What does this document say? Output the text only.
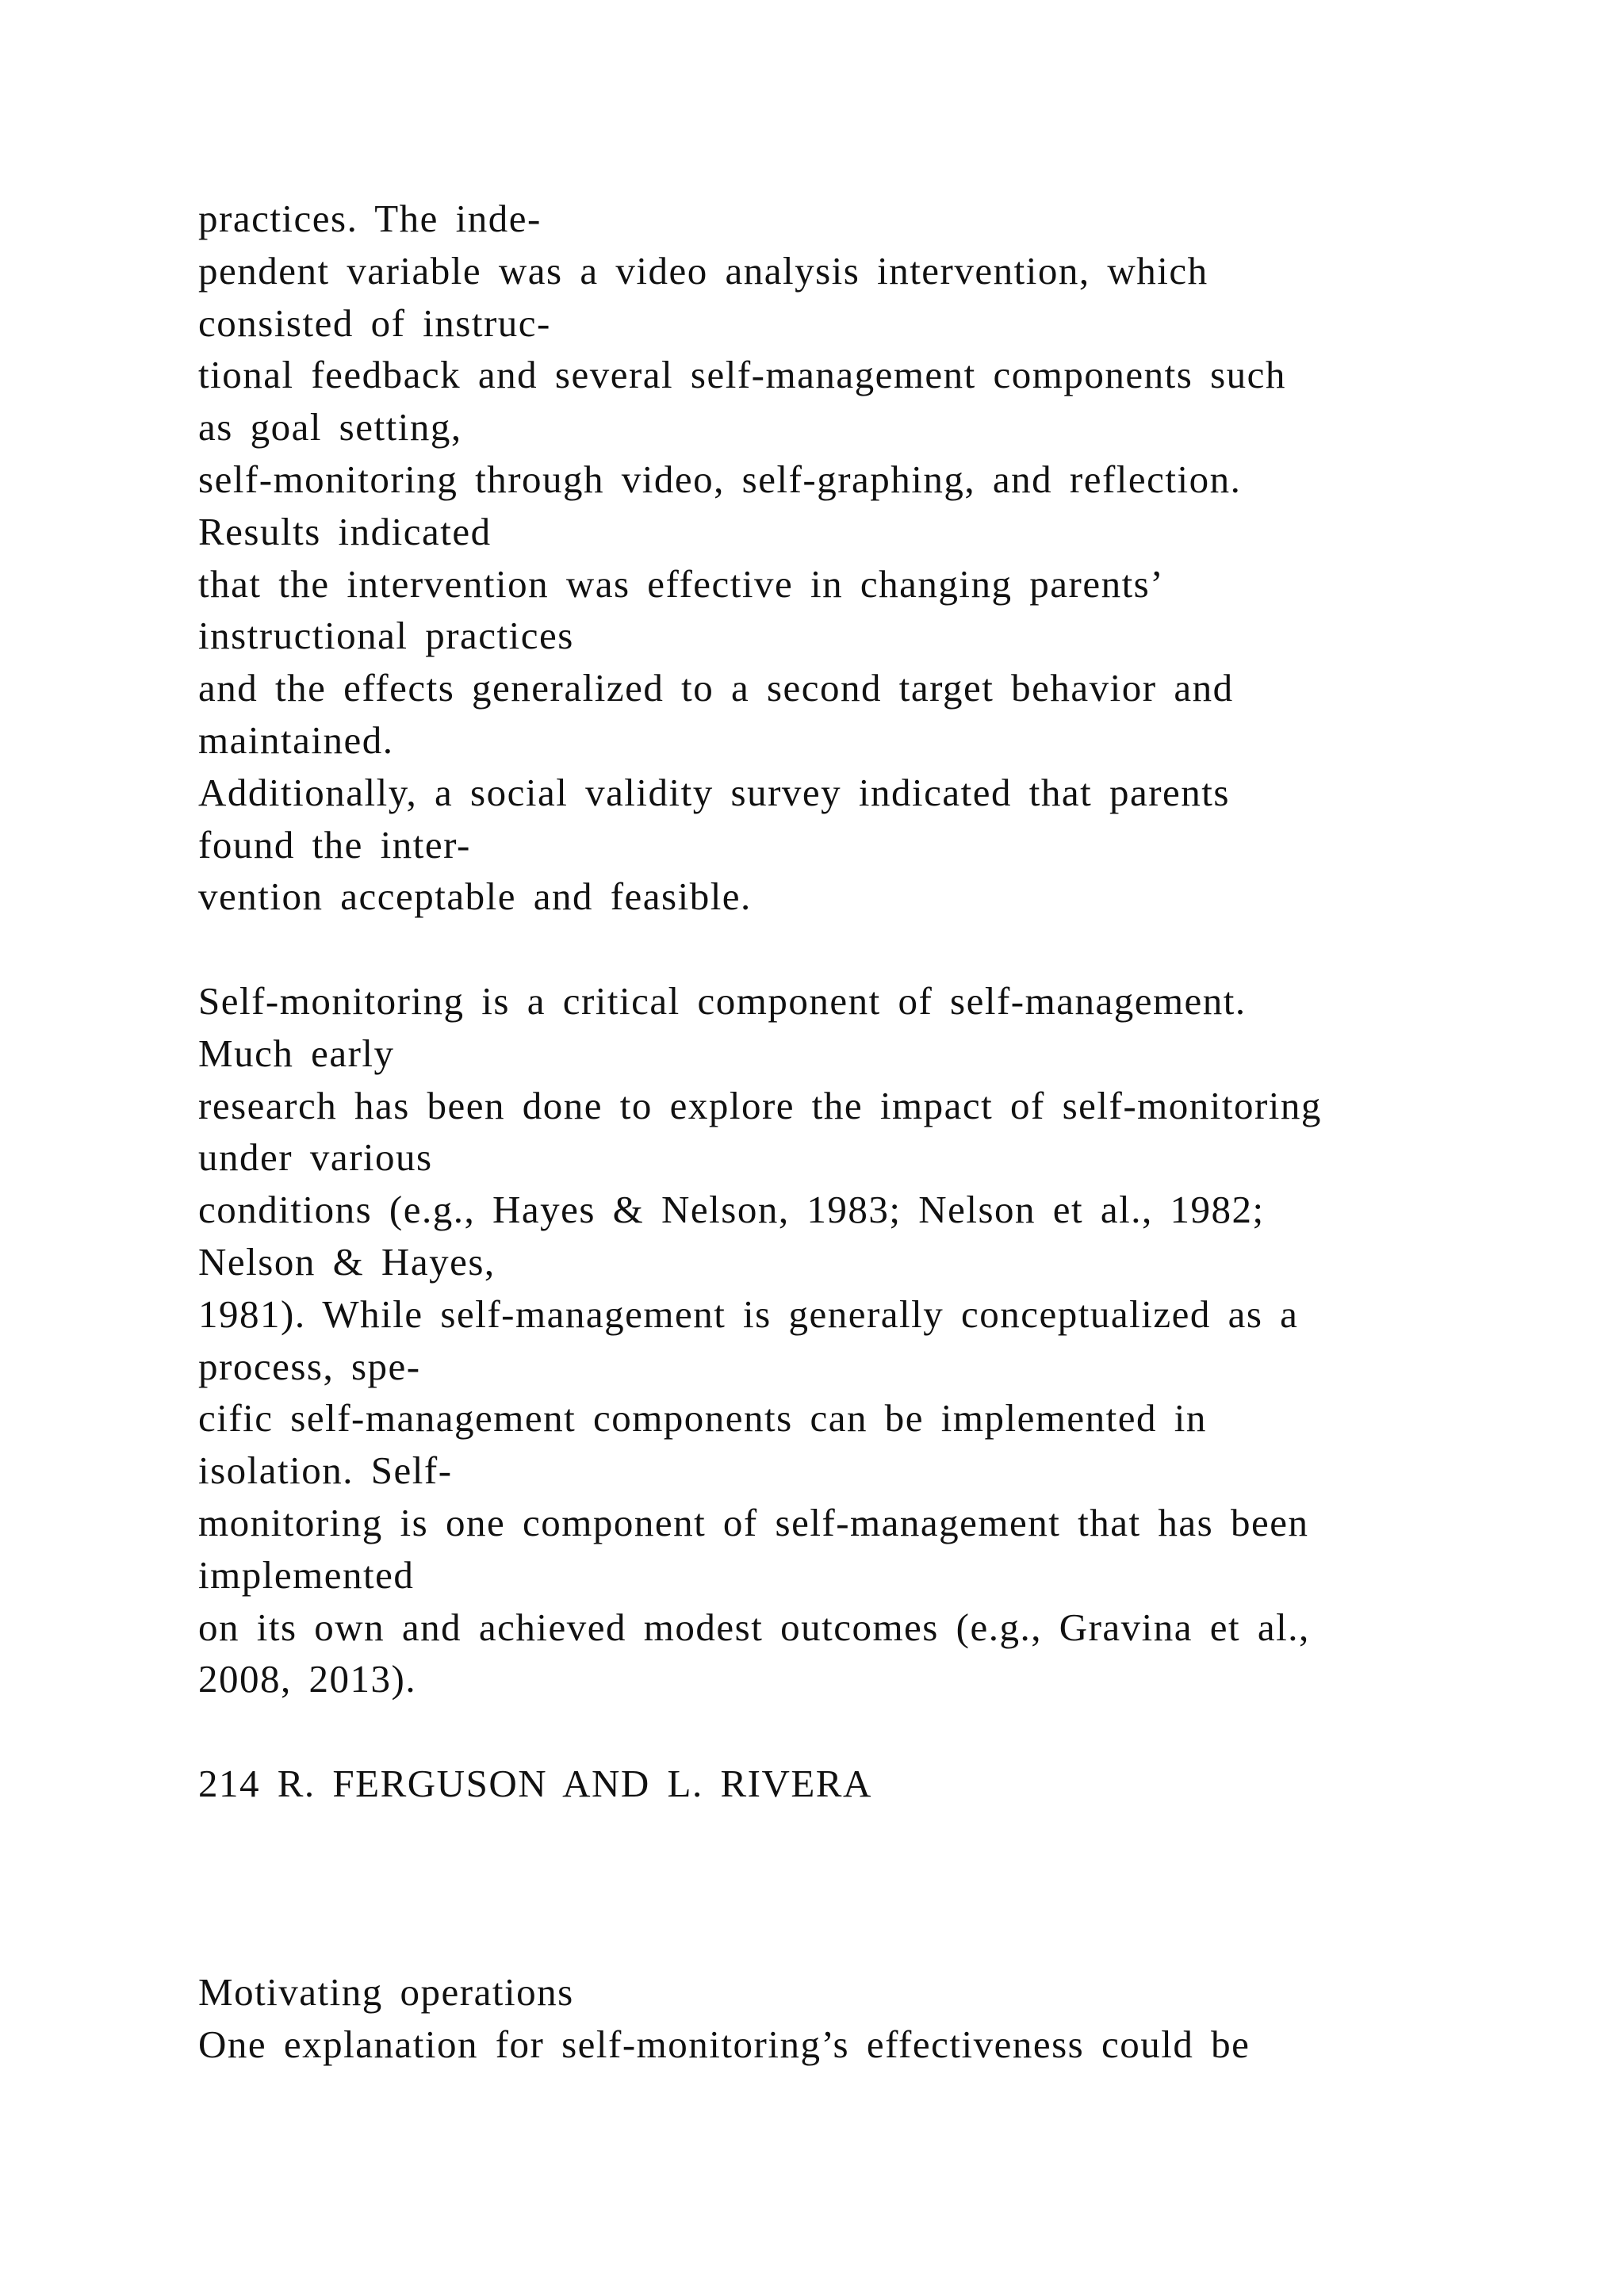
practices. The inde-
pendent variable was a video analysis intervention, which
consisted of instruc-
tional feedback and several self-management components such
as goal setting,
self-monitoring through video, self-graphing, and reflection.
Results indicated
that the intervention was effective in changing parents’
instructional practices
and the effects generalized to a second target behavior and
maintained.
Additionally, a social validity survey indicated that parents
found the inter-
vention acceptable and feasible.
Self-monitoring is a critical component of self-management.
Much early
research has been done to explore the impact of self-monitoring
under various
conditions (e.g., Hayes & Nelson, 1983; Nelson et al., 1982;
Nelson & Hayes,
1981). While self-management is generally conceptualized as a
process, spe-
cific self-management components can be implemented in
isolation. Self-
monitoring is one component of self-management that has been
implemented
on its own and achieved modest outcomes (e.g., Gravina et al.,
2008, 2013).
214 R. FERGUSON AND L. RIVERA
Motivating operations
One explanation for self-monitoring’s effectiveness could be
